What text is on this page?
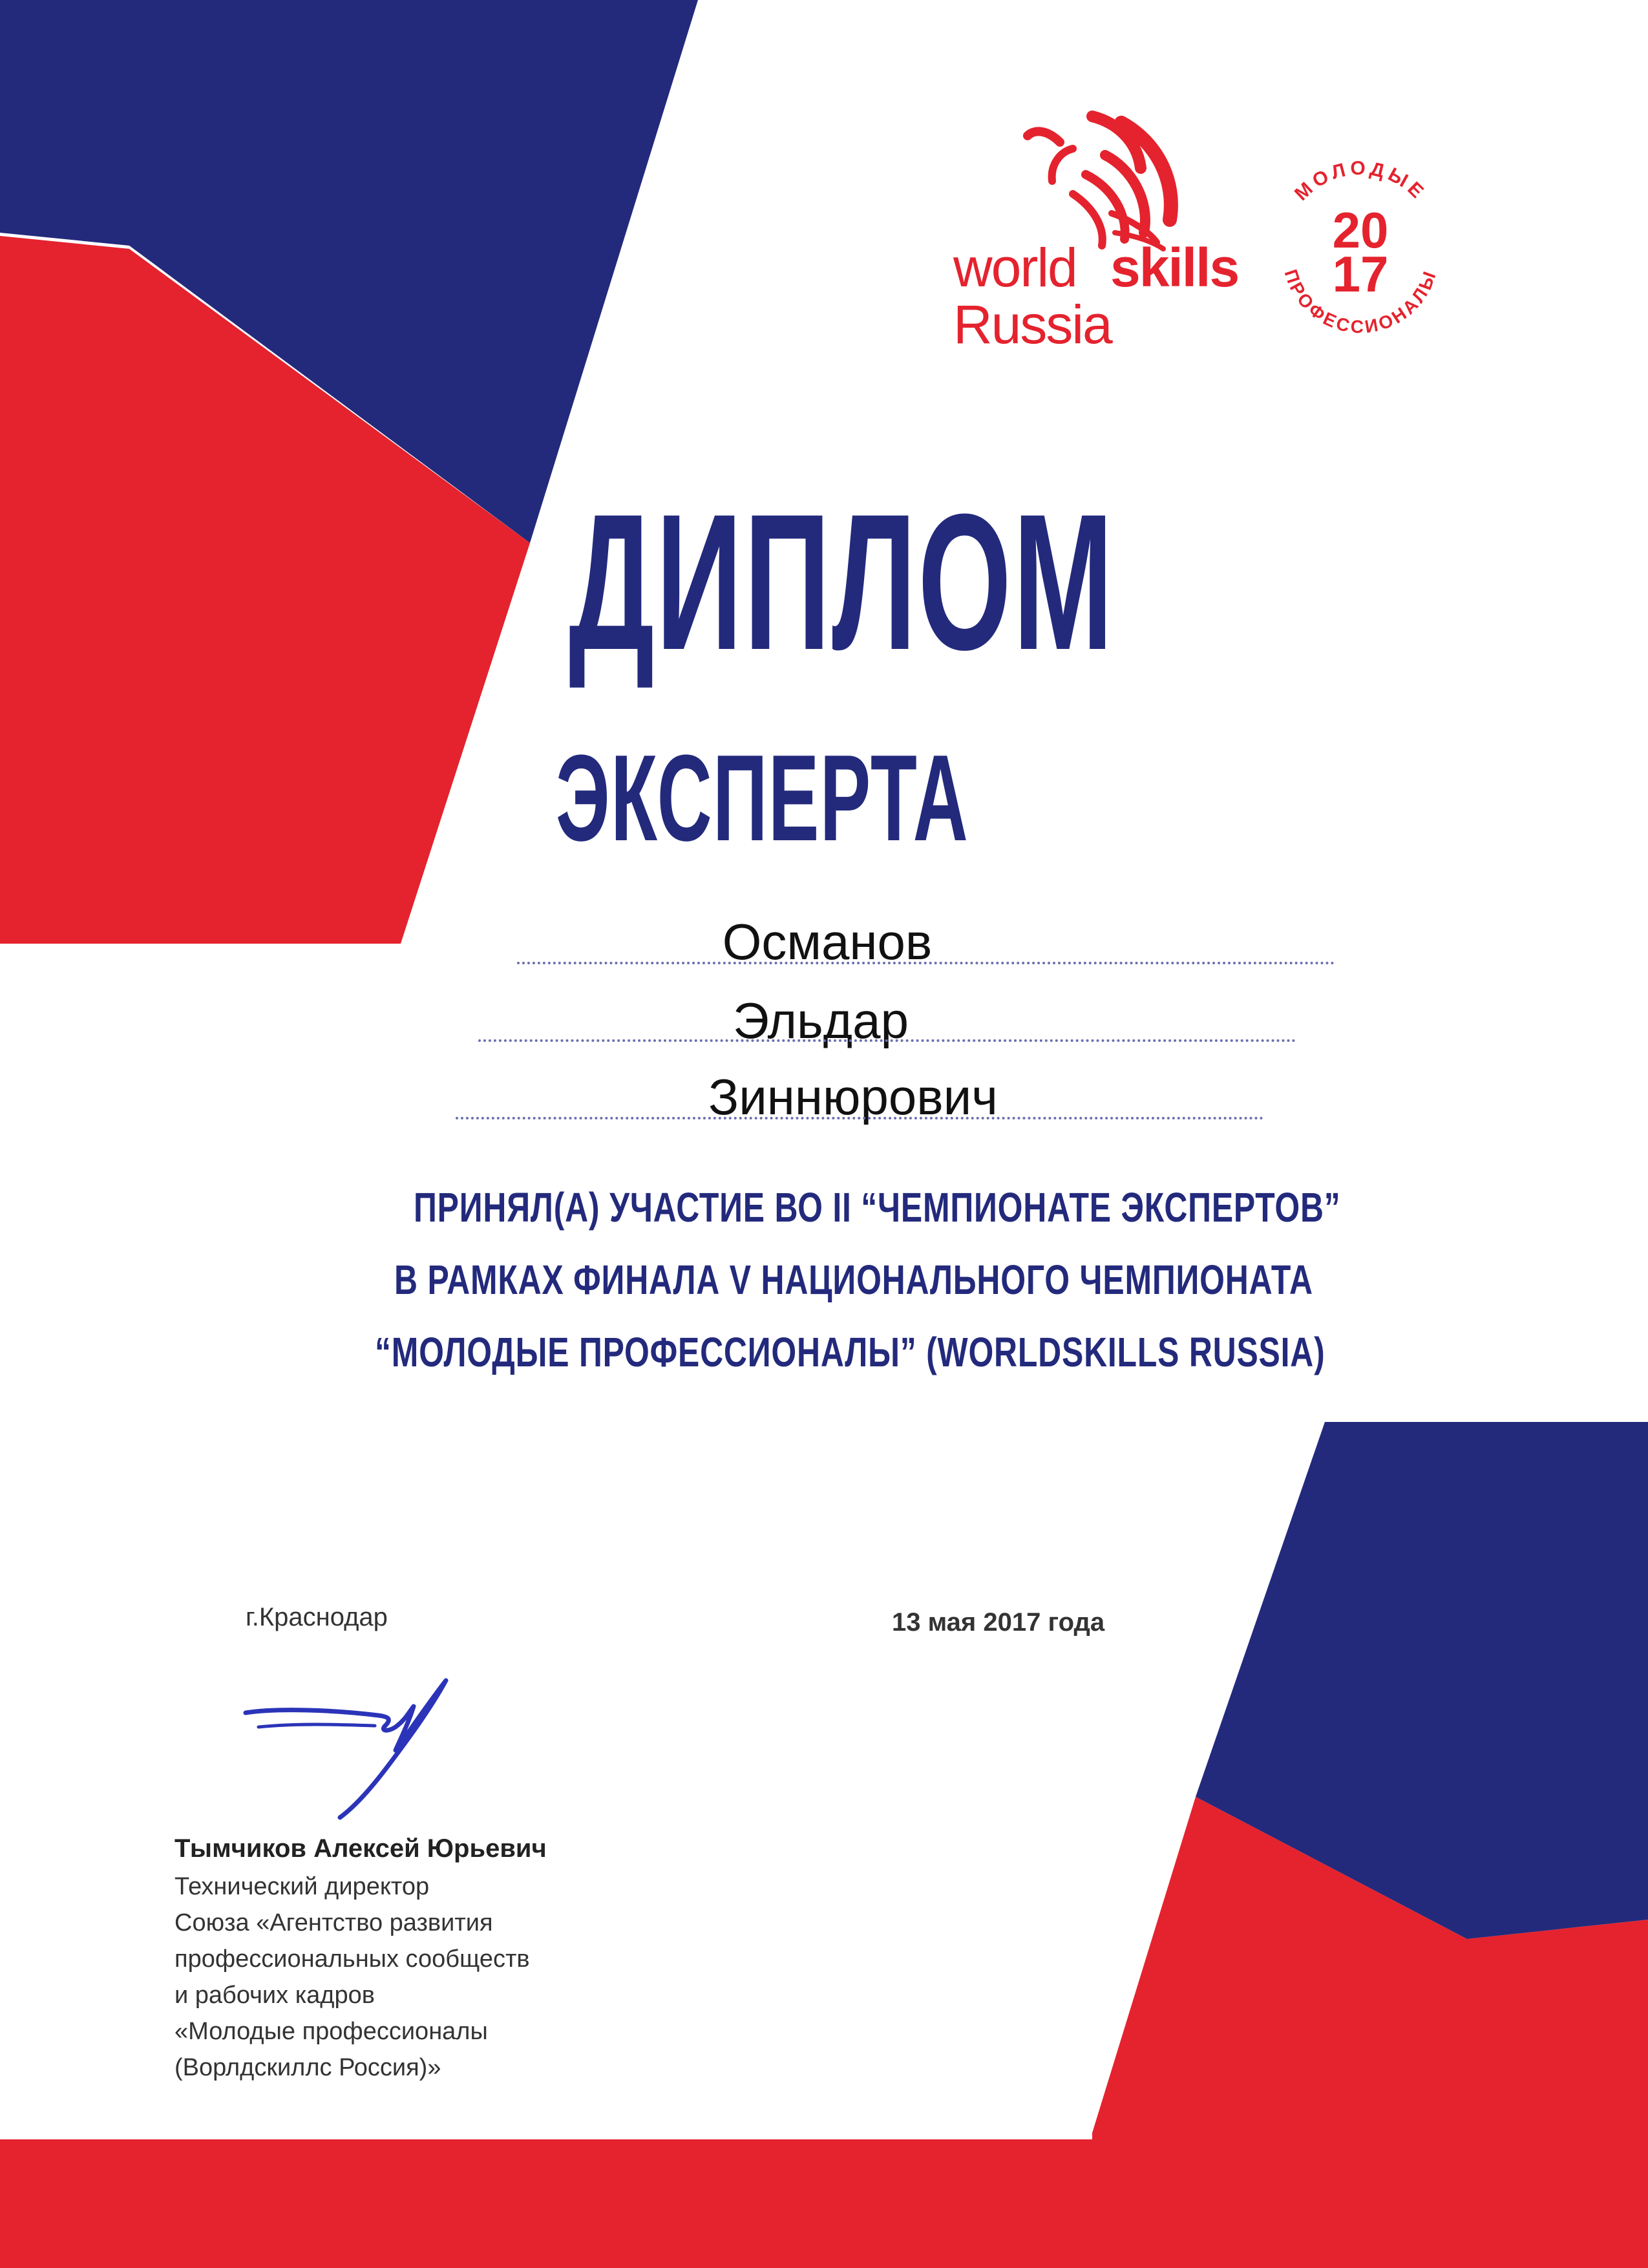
world skills
Russia
МОЛОДЫЕ
ПРОФЕССИОНАЛЫ
20
17
ДИПЛОМ
ЭКСПЕРТА
Османов
Эльдар
Зиннюрович
ПРИНЯЛ(А) УЧАСТИЕ ВО II “ЧЕМПИОНАТЕ ЭКСПЕРТОВ”
В РАМКАХ ФИНАЛА V НАЦИОНАЛЬНОГО ЧЕМПИОНАТА
“МОЛОДЫЕ ПРОФЕССИОНАЛЫ” (WORLDSKILLS RUSSIA)
г.Краснодар	13 мая 2017 года
Тымчиков Алексей Юрьевич
Технический директор
Союза «Агентство развития
профессиональных сообществ
и рабочих кадров
«Молодые профессионалы
(Ворлдскиллс Россия)»
